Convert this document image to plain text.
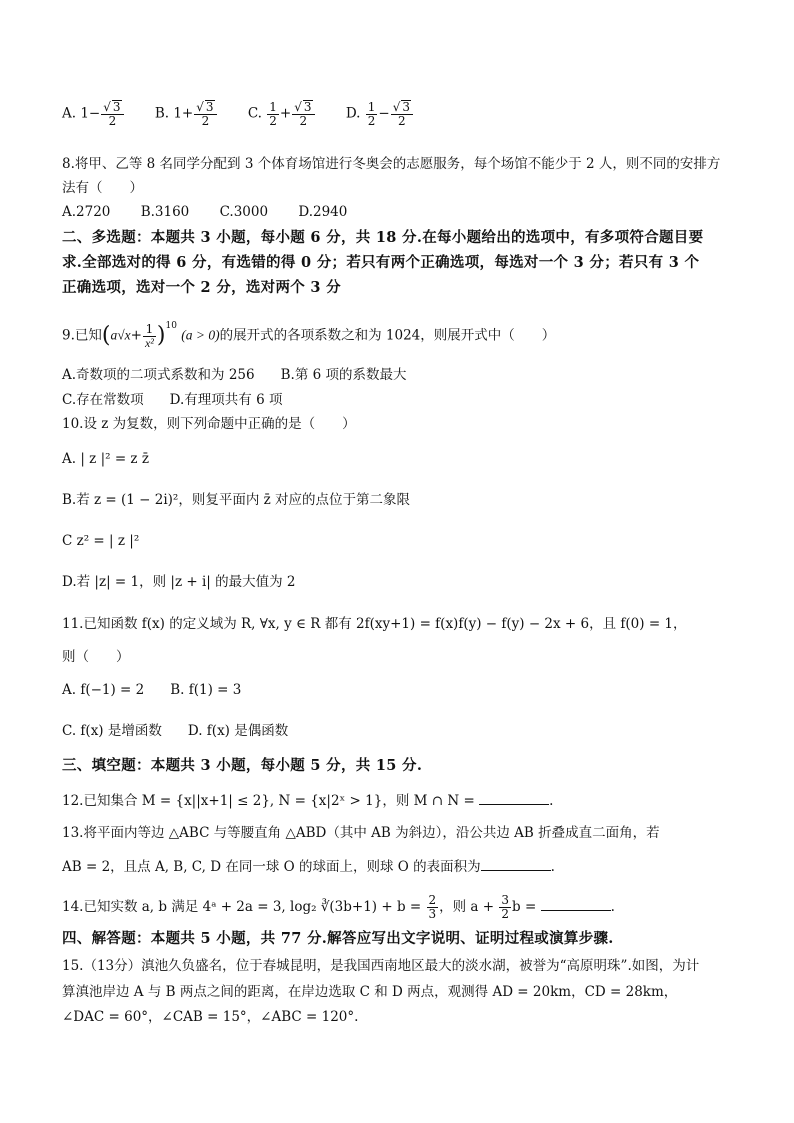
A. $1- \frac{√ 3}{2} B$. $1+ \frac{√ 3}{2} C$. $\frac{1}{2} + \frac{√ 3}{2} D$. $\frac{1}{2} - \frac{√ 3}{2}$
8.将甲、乙等 8 名同学分配到 3 个体育场馆进行冬奥会的志愿服务，每个场馆不能少于 2 人，则不同的安排方
法有（　　）
A.2720 B.3160 C.3000 D.2940
二、多选题：本题共 3 小题，每小题 6 分，共 18 分.在每小题给出的选项中，有多项符合题目要
求.全部选对的得 6 分，有选错的得 0 分；若只有两个正确选项，每选对一个 3 分；若只有 3 个
正确选项，选对一个 2 分，选对两个 3 分
9.已知$(a√x+ \frac{1}{\text{x²}} )^{10}$ (a > 0)的展开式的各项系数之和为 1024，则展开式中（　　）
A.奇数项的二项式系数和为 256 B.第 6 项的系数最大
C.存在常数项 D.有理项共有 6 项
10.设 z 为复数，则下列命题中正确的是（　　）
A. | z |² = z z̄
B.若 z = (1 − 2i)²，则复平面内 z̄ 对应的点位于第二象限
C z² = | z |²
D.若 |z| = 1，则 |z + i| 的最大值为 2
11.已知函数 f(x) 的定义域为 R, ∀x, y ∈ R 都有 2f(xy+1) = f(x)f(y) − f(y) − 2x + 6，且 f(0) = 1，
则（　　）
A. f(−1) = 2 B. f(1) = 3
C. f(x) 是增函数 D. f(x) 是偶函数
三、填空题：本题共 3 小题，每小题 5 分，共 15 分.
12.已知集合 M = {x||x+1| ≤ 2}, N = {x|2ˣ > 1}，则 M ∩ N =	.
13.将平面内等边 △ABC 与等腰直角 △ABD（其中 AB 为斜边），沿公共边 AB 折叠成直二面角，若
AB = 2，且点 A, B, C, D 在同一球 O 的球面上，则球 O 的表面积为	.
14.已知实数 a, b 满足 4ᵃ + 2a = 3, log₂ ∛(3b+1) + $b = \frac{2}{3}$ ，则 $a + \frac{3}{2}$ b =	.
四、解答题：本题共 5 小题，共 77 分.解答应写出文字说明、证明过程或演算步骤.
15.（13分）滇池久负盛名，位于春城昆明，是我国西南地区最大的淡水湖，被誉为“高原明珠”.如图，为计
算滇池岸边 A 与 B 两点之间的距离，在岸边选取 C 和 D 两点，观测得 AD = 20km，CD = 28km，
∠DAC = 60°，∠CAB = 15°，∠ABC = 120°.
